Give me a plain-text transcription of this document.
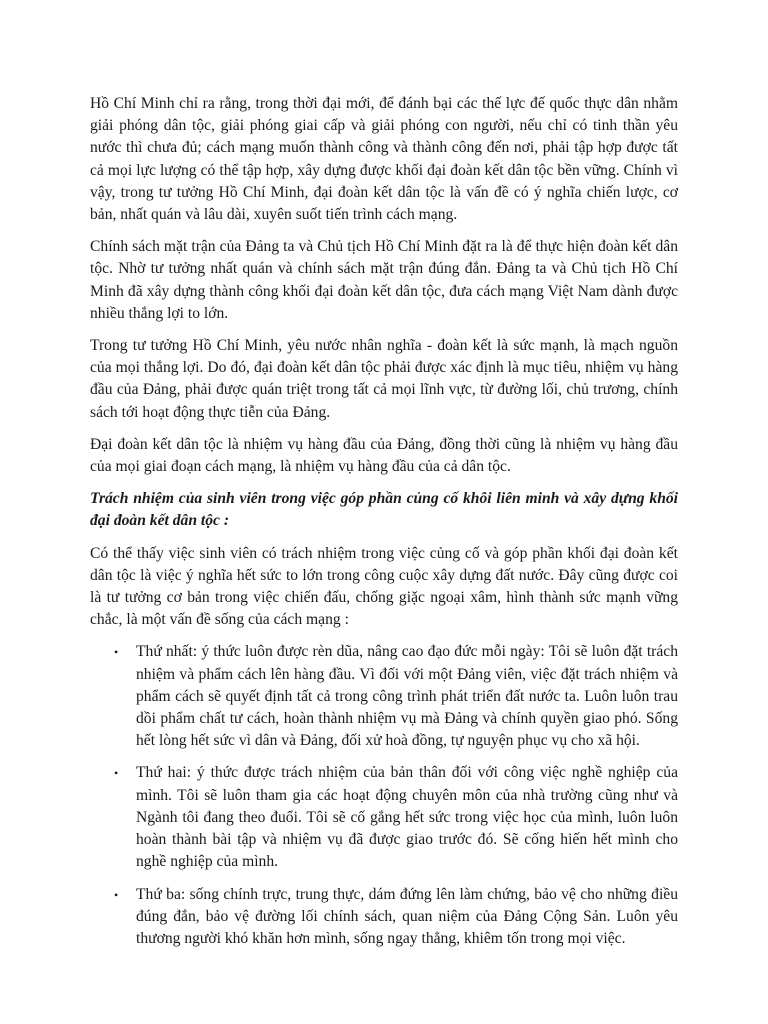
Hồ Chí Minh chỉ ra rằng, trong thời đại mới, để đánh bại các thế lực đế quốc thực dân nhằm giải phóng dân tộc, giải phóng giai cấp và giải phóng con người, nếu chỉ có tinh thần yêu nước thì chưa đủ; cách mạng muốn thành công và thành công đến nơi, phải tập hợp được tất cả mọi lực lượng có thể tập hợp, xây dựng được khối đại đoàn kết dân tộc bền vững. Chính vì vậy, trong tư tưởng Hồ Chí Minh, đại đoàn kết dân tộc là vấn đề có ý nghĩa chiến lược, cơ bản, nhất quán và lâu dài, xuyên suốt tiến trình cách mạng.

Chính sách mặt trận của Đảng ta và Chủ tịch Hồ Chí Minh đặt ra là để thực hiện đoàn kết dân tộc. Nhờ tư tưởng nhất quán và chính sách mặt trận đúng đắn. Đảng ta và Chủ tịch Hồ Chí Minh đã xây dựng thành công khối đại đoàn kết dân tộc, đưa cách mạng Việt Nam dành được nhiều thắng lợi to lớn.

Trong tư tưởng Hồ Chí Minh, yêu nước nhân nghĩa - đoàn kết là sức mạnh, là mạch nguồn của mọi thắng lợi. Do đó, đại đoàn kết dân tộc phải được xác định là mục tiêu, nhiệm vụ hàng đầu của Đảng, phải được quán triệt trong tất cả mọi lĩnh vực, từ đường lối, chủ trương, chính sách tới hoạt động thực tiễn của Đảng.

Đại đoàn kết dân tộc là nhiệm vụ hàng đầu của Đảng, đồng thời cũng là nhiệm vụ hàng đầu của mọi giai đoạn cách mạng, là nhiệm vụ hàng đầu của cả dân tộc.

Trách nhiệm của sinh viên trong việc góp phần củng cố khôi liên minh và xây dựng khối đại đoàn kết dân tộc :

Có thể thấy việc sinh viên có trách nhiệm trong việc củng cố và góp phần khối đại đoàn kết dân tộc là việc ý nghĩa hết sức to lớn trong công cuộc xây dựng đất nước. Đây cũng được coi là tư tưởng cơ bản trong việc chiến đấu, chống giặc ngoại xâm, hình thành sức mạnh vững chắc, là một vấn đề sống của cách mạng :

• Thứ nhất: ý thức luôn được rèn dũa, nâng cao đạo đức mỗi ngày: Tôi sẽ luôn đặt trách nhiệm và phẩm cách lên hàng đầu. Vì đối với một Đảng viên, việc đặt trách nhiệm và phẩm cách sẽ quyết định tất cả trong công trình phát triển đất nước ta. Luôn luôn trau dồi phẩm chất tư cách, hoàn thành nhiệm vụ mà Đảng và chính quyền giao phó. Sống hết lòng hết sức vì dân và Đảng, đối xử hoà đồng, tự nguyện phục vụ cho xã hội.
• Thứ hai: ý thức được trách nhiệm của bản thân đối với công việc nghề nghiệp của mình. Tôi sẽ luôn tham gia các hoạt động chuyên môn của nhà trường cũng như và Ngành tôi đang theo đuổi. Tôi sẽ cố gắng hết sức trong việc học của mình, luôn luôn hoàn thành bài tập và nhiệm vụ đã được giao trước đó. Sẽ cống hiến hết mình cho nghề nghiệp của mình.
• Thứ ba: sống chính trực, trung thực, dám đứng lên làm chứng, bảo vệ cho những điều đúng đắn, bảo vệ đường lối chính sách, quan niệm của Đảng Cộng Sản. Luôn yêu thương người khó khăn hơn mình, sống ngay thẳng, khiêm tốn trong mọi việc.
